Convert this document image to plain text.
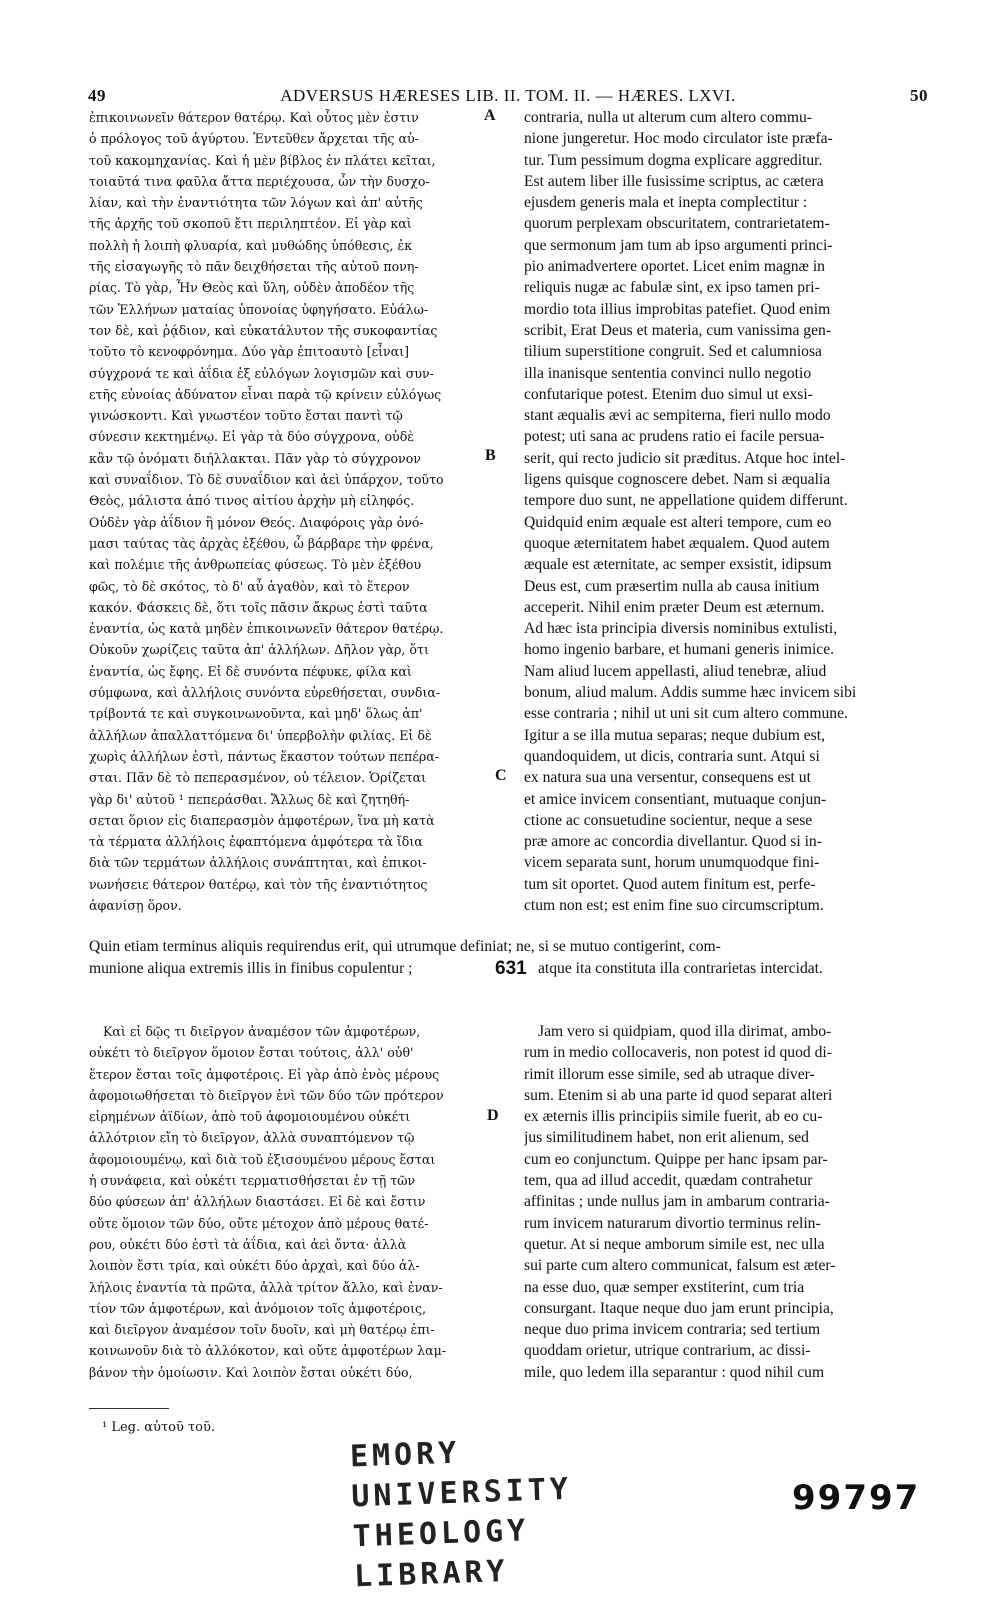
49	ADVERSUS HÆRESES LIB. II. TOM. II. — HÆRES. LXVI.	50
ἐπικοινωνεῖν θάτερον θατέρῳ. Καὶ οὗτος μὲν ἐστιν
ὁ πρόλογος τοῦ ἀγύρτου. Ἐντεῦθεν ἄρχεται τῆς αὐ-
τοῦ κακομηχανίας. Καὶ ἡ μὲν βίβλος ἐν πλάτει κεῖται,
τοιαῦτά τινα φαῦλα ἄττα περιέχουσα, ὧν τὴν δυσχο-
λίαν, καὶ τὴν ἐναντιότητα τῶν λόγων καὶ ἀπ' αὐτῆς
τῆς ἀρχῆς τοῦ σκοποῦ ἔτι περιληπτέον. Εἰ γὰρ καὶ
πολλὴ ἡ λοιπὴ φλυαρία, καὶ μυθώδης ὑπόθεσις, ἐκ
τῆς εἰσαγωγῆς τὸ πᾶν δειχθήσεται τῆς αὐτοῦ πονη-
ρίας. Τὸ γὰρ, Ἦν Θεὸς καὶ ὕλη, οὐδὲν ἀποδέον τῆς
τῶν Ἑλλήνων ματαίας ὑπονοίας ὑφηγήσατο. Εὐάλω-
τον δὲ, καὶ ῥᾴδιον, καὶ εὐκατάλυτον τῆς συκοφαντίας
τοῦτο τὸ κενοφρόνημα. Δύο γὰρ ἐπιτοαυτὸ [εἶναι]
σύγχρονά τε καὶ ἀΐδια ἐξ εὐλόγων λογισμῶν καὶ συν-
ετῆς εὐνοίας ἀδύνατον εἶναι παρὰ τῷ κρίνειν εὐλόγως
γινώσκοντι. Καὶ γνωστέον τοῦτο ἔσται παντὶ τῷ
σύνεσιν κεκτημένῳ. Εἰ γὰρ τὰ δύο σύγχρονα, οὐδὲ
κἂν τῷ ὀνόματι διήλλακται. Πᾶν γὰρ τὸ σύγχρονον
καὶ συναΐδιον. Τὸ δὲ συναΐδιον καὶ ἀεὶ ὑπάρχον, τοῦτο
Θεὸς, μάλιστα ἀπό τινος αἰτίου ἀρχὴν μὴ εἰληφός.
Οὐδὲν γὰρ ἀΐδιον ἢ μόνον Θεός. Διαφόροις γὰρ ὀνό-
μασι ταύτας τὰς ἀρχὰς ἐξέθου, ὦ βάρβαρε τὴν φρένα,
καὶ πολέμιε τῆς ἀνθρωπείας φύσεως. Τὸ μὲν ἐξέθου
φῶς, τὸ δὲ σκότος, τὸ δ' αὖ ἀγαθὸν, καὶ τὸ ἕτερον
κακόν. Φάσκεις δὲ, ὅτι τοῖς πᾶσιν ἄκρως ἐστὶ ταῦτα
ἐναντία, ὡς κατὰ μηδὲν ἐπικοινωνεῖν θάτερον θατέρῳ.
Οὐκοῦν χωρίζεις ταῦτα ἀπ' ἀλλήλων. Δῆλον γὰρ, ὅτι
ἐναντία, ὡς ἔφης. Εἰ δὲ συνόντα πέφυκε, φίλα καὶ
σύμφωνα, καὶ ἀλλήλοις συνόντα εὑρεθήσεται, συνδια-
τρίβοντά τε καὶ συγκοινωνοῦντα, καὶ μηδ' ὅλως ἀπ'
ἀλλήλων ἀπαλλαττόμενα δι' ὑπερβολὴν φιλίας. Εἰ δὲ
χωρὶς ἀλλήλων ἐστὶ, πάντως ἕκαστον τούτων πεπέρα-
σται. Πᾶν δὲ τὸ πεπερασμένον, οὐ τέλειον. Ὁρίζεται
γὰρ δι' αὐτοῦ ¹ πεπεράσθαι. Ἄλλως δὲ καὶ ζητηθή-
σεται ὅριον εἰς διαπερασμὸν ἀμφοτέρων, ἵνα μὴ κατὰ
τὰ τέρματα ἀλλήλοις ἐφαπτόμενα ἀμφότερα τὰ ἴδια
διὰ τῶν τερμάτων ἀλλήλοις συνάπτηται, καὶ ἐπικοι-
νωνήσειε θάτερον θατέρῳ, καὶ τὸν τῆς ἐναντιότητος
ἀφανίσῃ ὅρον.
contraria, nulla ut alterum cum altero commu-
nione jungeretur. Hoc modo circulator iste præfa-
tur. Tum pessimum dogma explicare aggreditur.
Est autem liber ille fusissime scriptus, ac cætera
ejusdem generis mala et inepta complectitur :
quorum perplexam obscuritatem, contrarietatem-
que sermonum jam tum ab ipso argumenti princi-
pio animadvertere oportet. Licet enim magnæ in
reliquis nugæ ac fabulæ sint, ex ipso tamen pri-
mordio tota illius improbitas patefiet. Quod enim
scribit, Erat Deus et materia, cum vanissima gen-
tilium superstitione congruit. Sed et calumniosa
illa inanisque sententia convinci nullo negotio
confutarique potest. Etenim duo simul ut exsi-
stant æqualis ævi ac sempiterna, fieri nullo modo
potest; uti sana ac prudens ratio ei facile persua-
serit, qui recto judicio sit præditus. Atque hoc intel-
ligens quisque cognoscere debet. Nam si æqualia
tempore duo sunt, ne appellatione quidem differunt.
Quidquid enim æquale est alteri tempore, cum eo
quoque æternitatem habet æqualem. Quod autem
æquale est æternitate, ac semper exsistit, idipsum
Deus est, cum præsertim nulla ab causa initium
acceperit. Nihil enim præter Deum est æternum.
Ad hæc ista principia diversis nominibus extulisti,
homo ingenio barbare, et humani generis inimice.
Nam aliud lucem appellasti, aliud tenebræ, aliud
bonum, aliud malum. Addis summe hæc invicem sibi
esse contraria ; nihil ut uni sit cum altero commune.
Igitur a se illa mutua separas; neque dubium est,
quandoquidem, ut dicis, contraria sunt. Atqui si
ex natura sua una versentur, consequens est ut
et amice invicem consentiant, mutuaque conjun-
ctione ac consuetudine socientur, neque a sese
præ amore ac concordia divellantur. Quod si in-
vicem separata sunt, horum unumquodque fini-
tum sit oportet. Quod autem finitum est, perfe-
ctum non est; est enim fine suo circumscriptum.
A
B
C
D
Quin etiam terminus aliquis requirendus erit, qui utrumque definiat; ne, si se mutuo contigerint, com-
munione aliqua extremis illis in finibus copulentur ;	631 atque ita constituta illa contrarietas intercidat.
Καὶ εἰ δῷς τι διεῖργον ἀναμέσον τῶν ἀμφοτέρων,
οὐκέτι τὸ διεῖργον ὅμοιον ἔσται τούτοις, ἀλλ' οὐθ'
ἕτερον ἔσται τοῖς ἀμφοτέροις. Εἰ γὰρ ἀπὸ ἑνὸς μέρους
ἀφομοιωθήσεται τὸ διεῖργον ἑνὶ τῶν δύο τῶν πρότερον
εἰρημένων ἀϊδίων, ἀπὸ τοῦ ἀφομοιουμένου οὐκέτι
ἀλλότριον εἴη τὸ διεῖργον, ἀλλὰ συναπτόμενον τῷ
ἀφομοιουμένῳ, καὶ διὰ τοῦ ἐξισουμένου μέρους ἔσται
ἡ συνάφεια, καὶ οὐκέτι τερματισθήσεται ἐν τῇ τῶν
δύο φύσεων ἀπ' ἀλλήλων διαστάσει. Εἰ δὲ καὶ ἔστιν
οὔτε ὅμοιον τῶν δύο, οὔτε μέτοχον ἀπὸ μέρους θατέ-
ρου, οὐκέτι δύο ἐστὶ τὰ ἀΐδια, καὶ ἀεὶ ὄντα· ἀλλὰ
λοιπὸν ἔστι τρία, καὶ οὐκέτι δύο ἀρχαὶ, καὶ δύο ἀλ-
λήλοις ἐναντία τὰ πρῶτα, ἀλλὰ τρίτον ἄλλο, καὶ ἐναν-
τίον τῶν ἀμφοτέρων, καὶ ἀνόμοιον τοῖς ἀμφοτέροις,
καὶ διεῖργον ἀναμέσον τοῖν δυοῖν, καὶ μὴ θατέρῳ ἐπι-
κοινωνοῦν διὰ τὸ ἀλλόκοτον, καὶ οὔτε ἀμφοτέρων λαμ-
βάνον τὴν ὁμοίωσιν. Καὶ λοιπὸν ἔσται οὐκέτι δύο,
Jam vero si quidpiam, quod illa dirimat, ambo-
rum in medio collocaveris, non potest id quod di-
rimit illorum esse simile, sed ab utraque diver-
sum. Etenim si ab una parte id quod separat alteri
ex æternis illis principiis simile fuerit, ab eo cu-
jus similitudinem habet, non erit alienum, sed
cum eo conjunctum. Quippe per hanc ipsam par-
tem, qua ad illud accedit, quædam contrahetur
affinitas ; unde nullus jam in ambarum contraria-
rum invicem naturarum divortio terminus relin-
quetur. At si neque amborum simile est, nec ulla
sui parte cum altero communicat, falsum est æter-
na esse duo, quæ semper exstiterint, cum tria
consurgant. Itaque neque duo jam erunt principia,
neque duo prima invicem contraria; sed tertium
quoddam orietur, utrique contrarium, ac dissi-
mile, quo ledem illa separantur : quod nihil cum
¹ Leg. αὐτοῦ τοῦ.
EMORY UNIVERSITY
THEOLOGY LIBRARY
99797
